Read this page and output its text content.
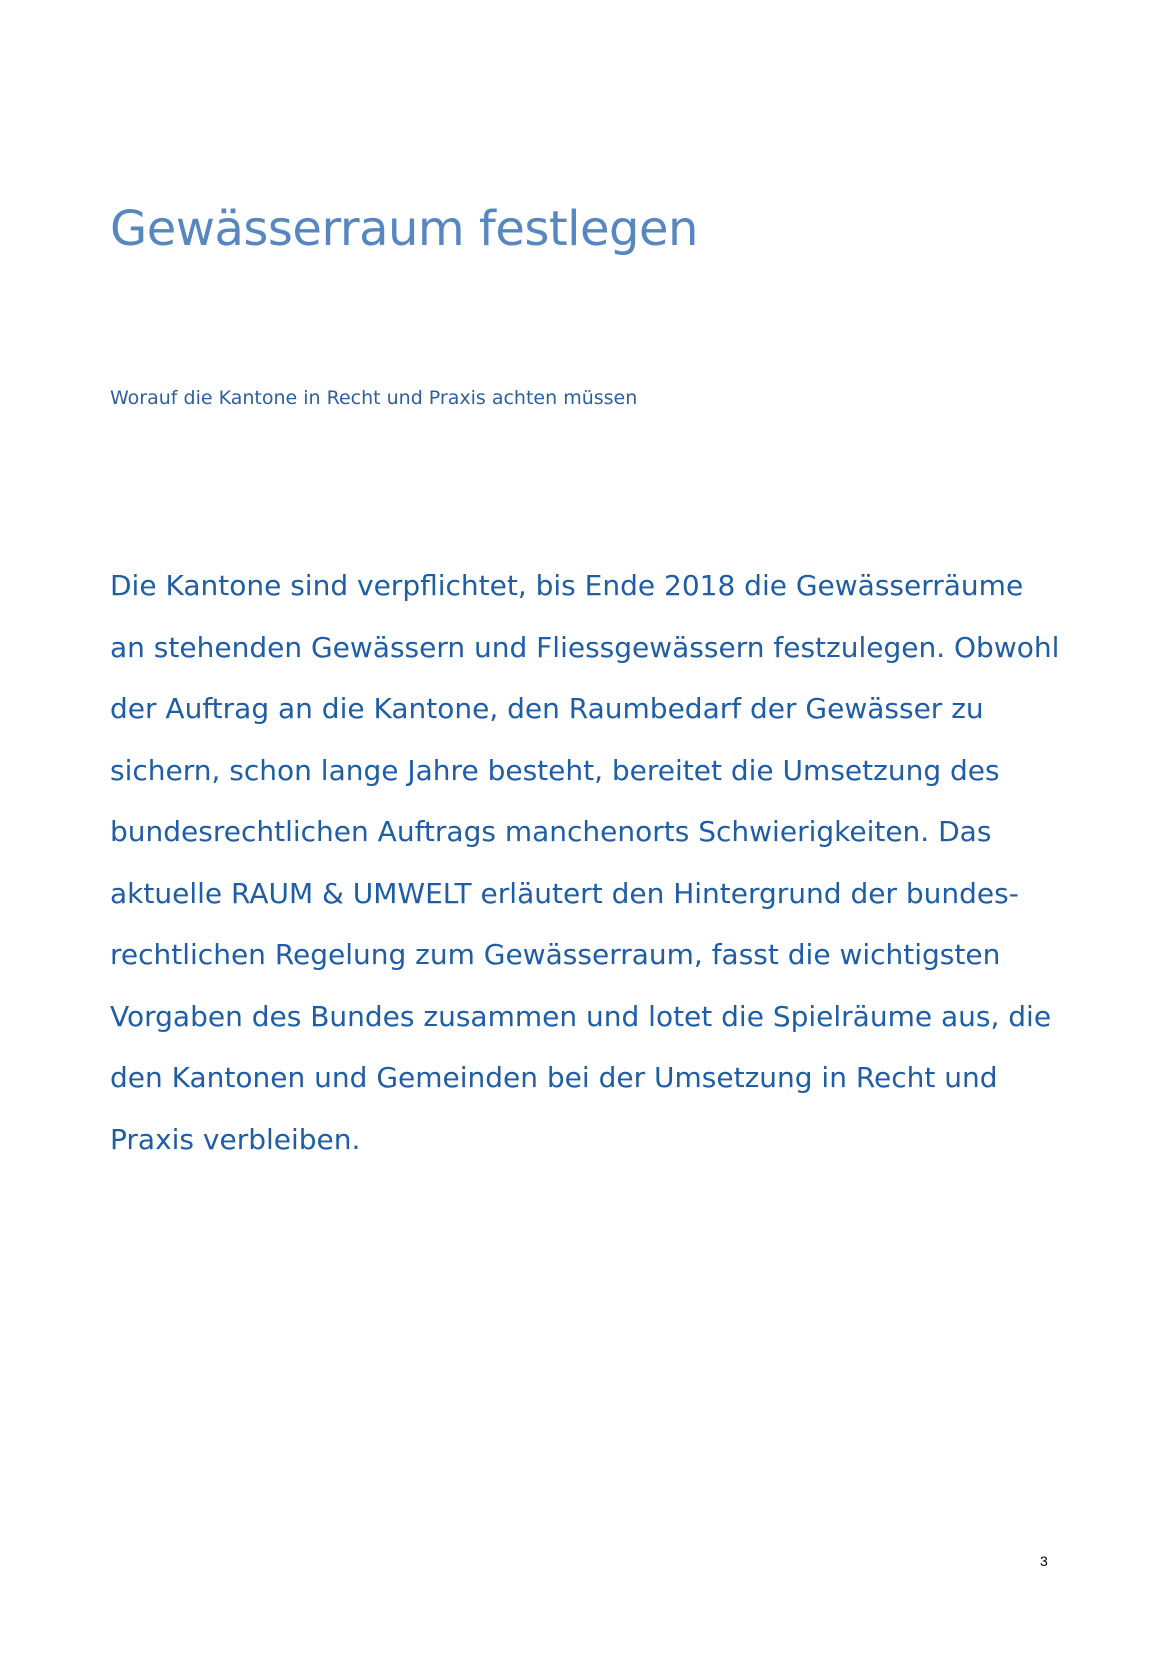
Gewässerraum festlegen

Worauf die Kantone in Recht und Praxis achten müssen

Die Kantone sind verpflichtet, bis Ende 2018 die Gewässerräume
an stehenden Gewässern und Fliessgewässern festzulegen. Obwohl
der Auftrag an die Kantone, den Raumbedarf der Gewässer zu
sichern, schon lange Jahre besteht, bereitet die Umsetzung des
bundesrechtlichen Auftrags manchenorts Schwierigkeiten. Das
aktuelle RAUM & UMWELT erläutert den Hintergrund der bundes-
rechtlichen Regelung zum Gewässerraum, fasst die wichtigsten
Vorgaben des Bundes zusammen und lotet die Spielräume aus, die
den Kantonen und Gemeinden bei der Umsetzung in Recht und
Praxis verbleiben.

3
